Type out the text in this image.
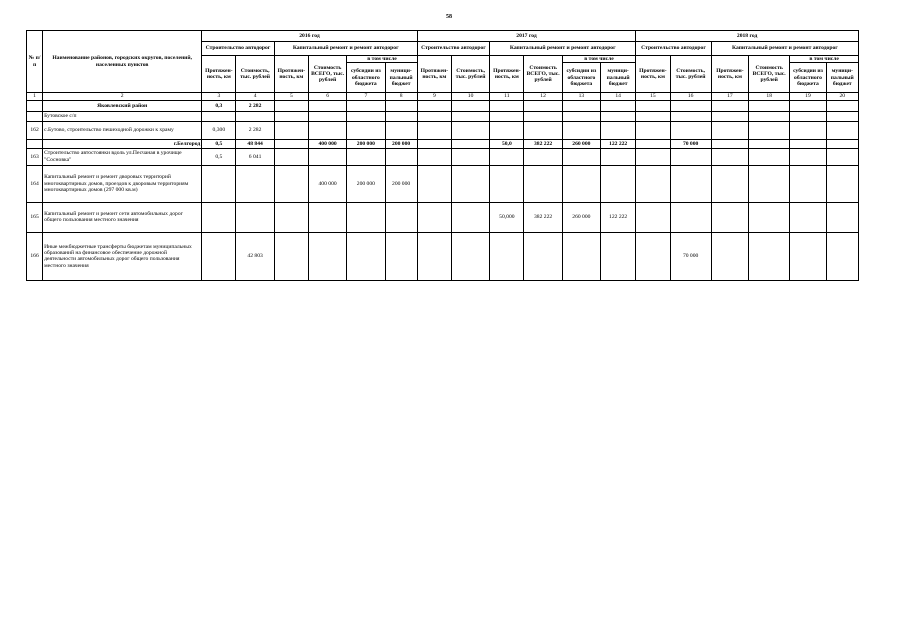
58
№ п/п	Наименование районов, городских округов, поселений, населенных пунктов	2016 год						2017 год						2018 год					
		Строительство автодорог		Капитальный ремонт и ремонт автодорог				Строительство автодорог		Капитальный ремонт и ремонт автодорог				Строительство автодорог		Капитальный ремонт и ремонт автодорог			
		Протяжен- ность, км	Стоимость, тыс. рублей	Протяжен- ность, км	Стоимость ВСЕГО, тыс. рублей	в том числе		Протяжен- ность, км	Стоимость, тыс. рублей	Протяжен- ность, км	Стоимость ВСЕГО, тыс. рублей	в том числе		Протяжен- ность, км	Стоимость, тыс. рублей	Протяжен- ность, км	Стоимость ВСЕГО, тыс. рублей	в том числе	
						субсидии из областного бюджета	муници- пальный бюджет					субсидии из областного бюджета	муници- пальный бюджет					субсидии из областного бюджета	муници- пальный бюджет
1	2	3	4	5	6	7	8	9	10	11	12	13	14	15	16	17	18	19	20
	Яковлевский район	0,3	2 282																
	Бутовское с/п																		
162	с.Бутово, строительство пешеходной дорожки к храму	0,300	2 282																
	г.Белгород	0,5	48 844		400 000	200 000	200 000			50,0	382 222	260 000	122 222		70 000				
163	Строительство автостоянки вдоль ул.Песчаная в урочище "Сосновка"	0,5	6 041																
164	Капитальный ремонт и ремонт дворовых территорий многоквартирных домов, проездов к дворовым территориям многоквартирных домов (297 000 кв.м)				400 000	200 000	200 000												
165	Капитальный ремонт и ремонт сети автомобильных дорог общего пользования местного значения									50,000	382 222	260 000	122 222						
166	Иные межбюджетные трансферты бюджетам муниципальных образований на финансовое обеспечение дорожной деятельности автомобильных дорог общего пользования местного значения		42 803												70 000				
